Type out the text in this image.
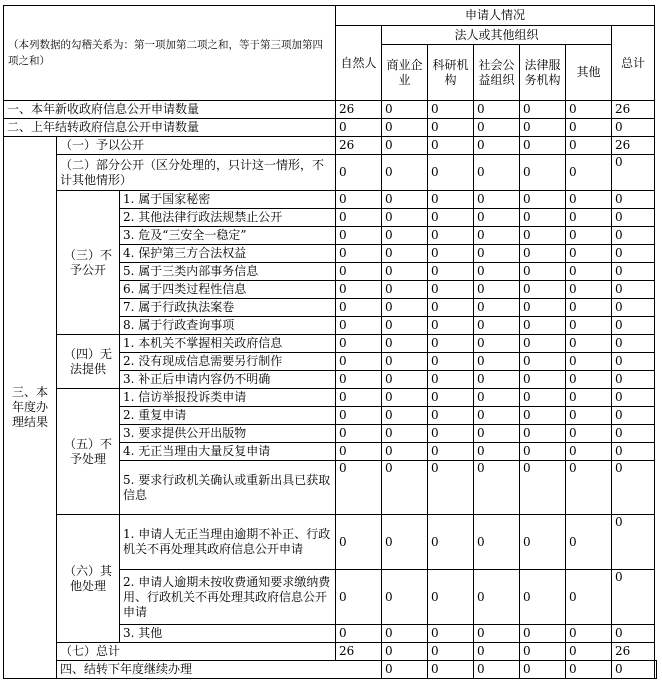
（本列数据的勾稽关系为：第一项加第二项之和，等于第三项加第四项之和）			申请人情况							
			自然人	法人或其他组织					总计	
				商业企业	科研机构	社会公益组织	法律服务机构	其他		
一、本年新收政府信息公开申请数量			26	0	0	0	0	0	26	
二、上年结转政府信息公开申请数量			0	0	0	0	0	0	0	
三、本年度办理结果	（一）予以公开		26	0	0	0	0	0	26	
	（二）部分公开（区分处理的，只计这一情形，不计其他情形）		0	0	0	0	0	0	0	
	（三）不予公开	1. 属于国家秘密	0	0	0	0	0	0	0	
		2. 其他法律行政法规禁止公开	0	0	0	0	0	0	0	
		3. 危及“三安全一稳定”	0	0	0	0	0	0	0	
		4. 保护第三方合法权益	0	0	0	0	0	0	0	
		5. 属于三类内部事务信息	0	0	0	0	0	0	0	
		6. 属于四类过程性信息	0	0	0	0	0	0	0	
		7. 属于行政执法案卷	0	0	0	0	0	0	0	
		8. 属于行政查询事项	0	0	0	0	0	0	0	
	（四）无法提供	1. 本机关不掌握相关政府信息	0	0	0	0	0	0	0	
		2. 没有现成信息需要另行制作	0	0	0	0	0	0	0	
		3. 补正后申请内容仍不明确	0	0	0	0	0	0	0	
	（五）不予处理	1. 信访举报投诉类申请	0	0	0	0	0	0	0	
		2. 重复申请	0	0	0	0	0	0	0	
		3. 要求提供公开出版物	0	0	0	0	0	0	0	
		4. 无正当理由大量反复申请	0	0	0	0	0	0	0	
		5. 要求行政机关确认或重新出具已获取信息	0	0	0	0	0	0	0	
	（六）其他处理	1. 申请人无正当理由逾期不补正、行政机关不再处理其政府信息公开申请	0	0	0	0	0	0	0	
		2. 申请人逾期未按收费通知要求缴纳费用、行政机关不再处理其政府信息公开申请	0	0	0	0	0	0	0	
		3. 其他	0	0	0	0	0	0	0	
	（七）总计		26	0	0	0	0	0	26	
	四、结转下年度继续办理			0	0	0	0	0	0	
